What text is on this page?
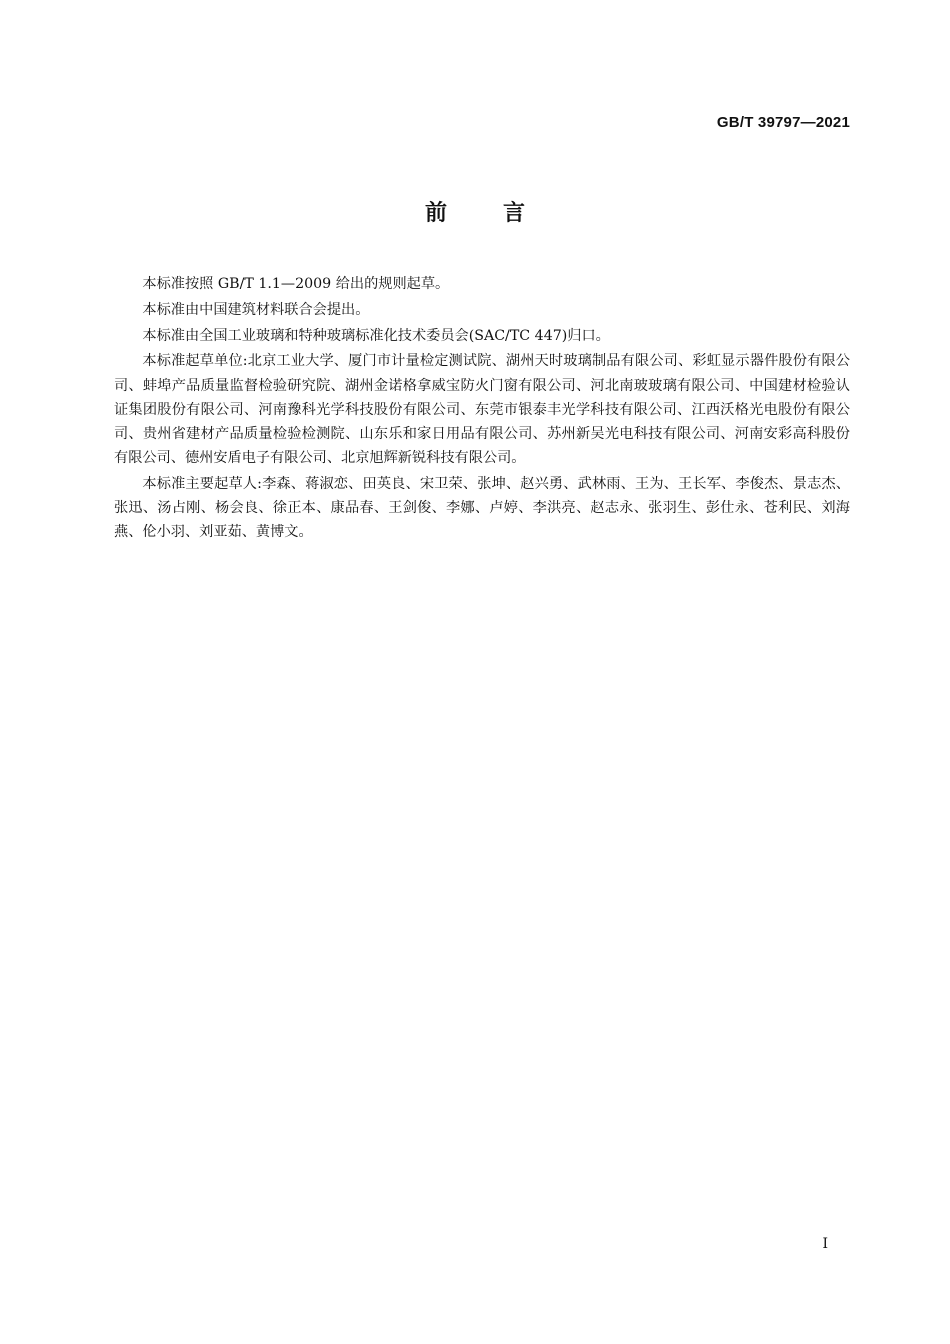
GB/T 39797—2021
前言

本标准按照 GB/T 1.1—2009 给出的规则起草。

本标准由中国建筑材料联合会提出。

本标准由全国工业玻璃和特种玻璃标准化技术委员会(SAC/TC 447)归口。

本标准起草单位:北京工业大学、厦门市计量检定测试院、湖州天时玻璃制品有限公司、彩虹显示器件股份有限公司、蚌埠产品质量监督检验研究院、湖州金诺格拿威宝防火门窗有限公司、河北南玻玻璃有限公司、中国建材检验认证集团股份有限公司、河南豫科光学科技股份有限公司、东莞市银泰丰光学科技有限公司、江西沃格光电股份有限公司、贵州省建材产品质量检验检测院、山东乐和家日用品有限公司、苏州新吴光电科技有限公司、河南安彩高科股份有限公司、德州安盾电子有限公司、北京旭辉新锐科技有限公司。

本标准主要起草人:李森、蒋淑恋、田英良、宋卫荣、张坤、赵兴勇、武林雨、王为、王长军、李俊杰、景志杰、张迅、汤占刚、杨会良、徐正本、康品春、王剑俊、李娜、卢婷、李洪亮、赵志永、张羽生、彭仕永、苍利民、刘海燕、伦小羽、刘亚茹、黄博文。

I
